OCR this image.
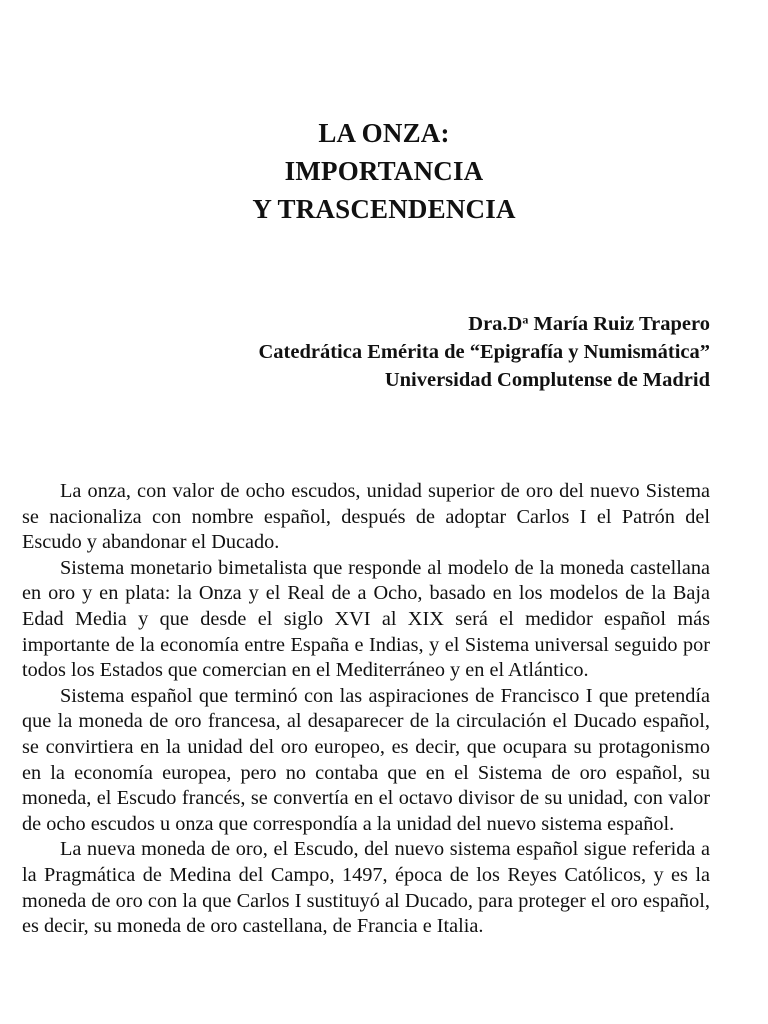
LA ONZA:
IMPORTANCIA
Y TRASCENDENCIA
$Dra.D^a$ María Ruiz Trapero
Catedrática Emérita de “Epigrafía y Numismática”
Universidad Complutense de Madrid

La onza, con valor de ocho escudos, unidad superior de oro del nuevo Sistema se nacionaliza con nombre español, después de adoptar Carlos I el Patrón del Escudo y abandonar el Ducado.

Sistema monetario bimetalista que responde al modelo de la moneda castellana en oro y en plata: la Onza y el Real de a Ocho, basado en los modelos de la Baja Edad Media y que desde el siglo XVI al XIX será el medidor español más importante de la economía entre España e Indias, y el Sistema universal seguido por todos los Estados que comercian en el Mediterráneo y en el Atlántico.

Sistema español que terminó con las aspiraciones de Francisco I que pretendía que la moneda de oro francesa, al desaparecer de la circulación el Ducado español, se convirtiera en la unidad del oro europeo, es decir, que ocupara su protagonismo en la economía europea, pero no contaba que en el Sistema de oro español, su moneda, el Escudo francés, se convertía en el octavo divisor de su unidad, con valor de ocho escudos u onza que correspondía a la unidad del nuevo sistema español.

La nueva moneda de oro, el Escudo, del nuevo sistema español sigue referida a la Pragmática de Medina del Campo, 1497, época de los Reyes Católicos, y es la moneda de oro con la que Carlos I sustituyó al Ducado, para proteger el oro español, es decir, su moneda de oro castellana, de Francia e Italia.
